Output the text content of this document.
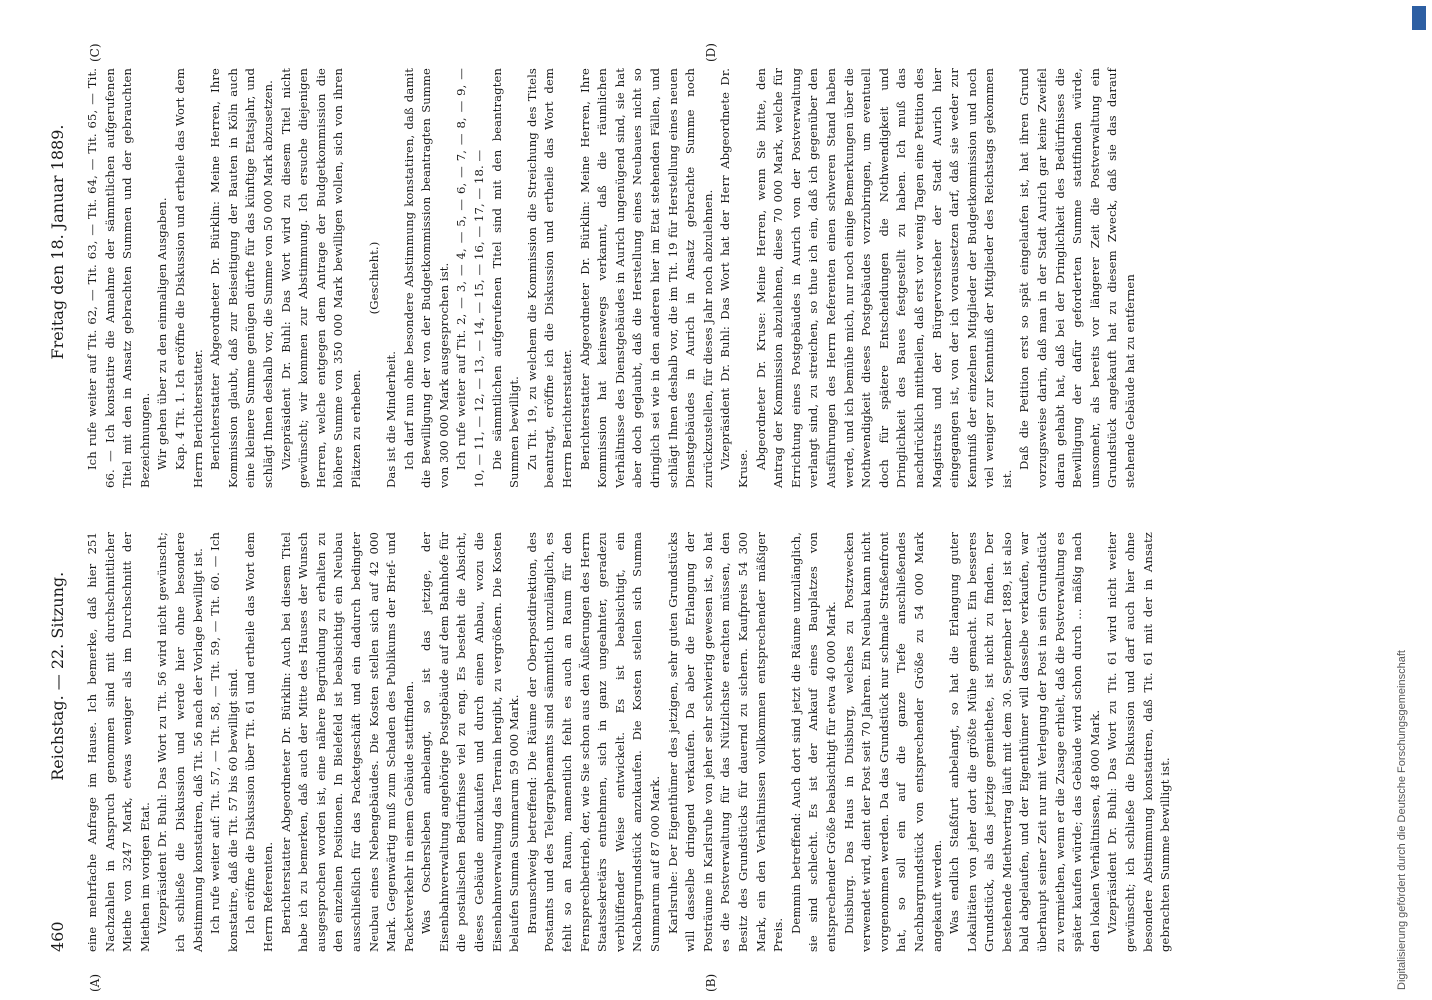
460
Reichstag. — 22. Sitzung.
Freitag den 18. Januar 1889.
(A)	(B)
(C)	(D)

eine mehrfache Anfrage im Hause. Ich bemerke, daß hier 251 Nachzahlen in Anspruch genommen sind mit durchschnittlicher Miethe von 3247 Mark, etwas weniger als im Durchschnitt der Miethen im vorigen Etat. Vizepräsident Dr. Buhl: Das Wort zu Tit. 56 wird nicht gewünscht; ich schließe die Diskussion und werde hier ohne besondere Abstimmung konstatiren, daß Tit. 56 nach der Vorlage bewilligt ist. Ich rufe weiter auf: Tit. 57, — Tit. 58, — Tit. 59, — Tit. 60. — Ich konstatire, daß die Tit. 57 bis 60 bewilligt sind. Ich eröffne die Diskussion über Tit. 61 und ertheile das Wort dem Herrn Referenten. Berichterstatter Abgeordneter Dr. Bürklin: Auch bei diesem Titel habe ich zu bemerken, daß auch der Mitte des Hauses der Wunsch ausgesprochen worden ist, eine nähere Begründung zu erhalten zu den einzelnen Positionen. In Bielefeld ist beabsichtigt ein Neubau ausschließlich für das Packetgeschäft und ein dadurch bedingter Neubau eines Nebengebäudes. Die Kosten stellen sich auf 42 000 Mark. Gegenwärtig muß zum Schaden des Publikums der Brief- und Packetverkehr in einem Gebäude stattfinden. Was Oschersleben anbelangt, so ist das jetzige, der Eisenbahnverwaltung angehörige Postgebäude auf dem Bahnhofe für die postalischen Bedürfnisse viel zu eng. Es besteht die Absicht, dieses Gebäude anzukaufen und durch einen Anbau, wozu die Eisenbahnverwaltung das Terrain hergibt, zu vergrößern. Die Kosten belaufen Summa Summarum 59 000 Mark. Braunschweig betreffend: Die Räume der Oberpostdirektion, des Postamts und des Telegraphenamts sind sämmtlich unzulänglich, es fehlt so an Raum, namentlich fehlt es auch an Raum für den Fernsprechbetrieb, der, wie Sie schon aus den Äußerungen des Herrn Staatssekretärs entnehmen, sich in ganz ungeahnter, geradezu verblüffender Weise entwickelt. Es ist beabsichtigt, ein Nachbargrundstück anzukaufen. Die Kosten stellen sich Summa Summarum auf 87 000 Mark. Karlsruhe: Der Eigenthümer des jetzigen, sehr guten Grundstücks will dasselbe dringend verkaufen. Da aber die Erlangung der Posträume in Karlsruhe von jeher sehr schwierig gewesen ist, so hat es die Postverwaltung für das Nützlichste erachten müssen, den Besitz des Grundstücks für dauernd zu sichern. Kaufpreis 54 300 Mark, ein den Verhältnissen vollkommen entsprechender mäßiger Preis.

Demmin betreffend: Auch dort sind jetzt die Räume unzulänglich, sie sind schlecht. Es ist der Ankauf eines Bauplatzes von entsprechender Größe beabsichtigt für etwa 40 000 Mark. Duisburg. Das Haus in Duisburg, welches zu Postzwecken verwendet wird, dient der Post seit 70 Jahren. Ein Neubau kann nicht vorgenommen werden. Da das Grundstück nur schmale Straßenfront hat, so soll ein auf die ganze Tiefe anschließendes Nachbargrundstück von entsprechender Größe zu 54 000 Mark angekauft werden. Was endlich Staßfurt anbelangt, so hat die Erlangung guter Lokalitäten von jeher dort die größte Mühe gemacht. Ein besseres Grundstück, als das jetzige gemiethete, ist nicht zu finden. Der bestehende Miethvertrag läuft mit dem 30. September 1889, ist also bald abgelaufen, und der Eigenthümer will dasselbe verkaufen, war überhaupt seiner Zeit nur mit Verlegung der Post in sein Grundstück zu vermiethen, wenn er die Zusage erhielt, daß die Postverwaltung es später kaufen würde; das Gebäude wird schon durch ... mäßig nach den lokalen Verhältnissen, 48 000 Mark. Vizepräsident Dr. Buhl: Das Wort zu Tit. 61 wird nicht weiter gewünscht; ich schließe die Diskussion und darf auch hier ohne besondere Abstimmung konstatiren, daß Tit. 61 mit der in Ansatz gebrachten Summe bewilligt ist.

Ich rufe weiter auf Tit. 62, — Tit. 63, — Tit. 64, — Tit. 65, — Tit. 66. — Ich konstatire die Annahme der sämmtlichen aufgerufenen Titel mit den in Ansatz gebrachten Summen und der gebrauchten Bezeichnungen. Wir gehen über zu den einmaligen Ausgaben. Kap. 4 Tit. 1. Ich eröffne die Diskussion und ertheile das Wort dem Herrn Berichterstatter. Berichterstatter Abgeordneter Dr. Bürklin: Meine Herren, Ihre Kommission glaubt, daß zur Beiseitigung der Bauten in Köln auch eine kleinere Summe genügen dürfte für das künftige Etatsjahr, und schlägt Ihnen deshalb vor, die Summe von 50 000 Mark abzusetzen. Vizepräsident Dr. Buhl: Das Wort wird zu diesem Titel nicht gewünscht; wir kommen zur Abstimmung. Ich ersuche diejenigen Herren, welche entgegen dem Antrage der Budgetkommission die höhere Summe von 350 000 Mark bewilligen wollen, sich von ihren Plätzen zu erheben.

(Geschieht.)

Das ist die Minderheit. Ich darf nun ohne besondere Abstimmung konstatiren, daß damit die Bewilligung der von der Budgetkommission beantragten Summe von 300 000 Mark ausgesprochen ist. Ich rufe weiter auf Tit. 2, — 3, — 4, — 5, — 6, — 7, — 8, — 9, — 10, — 11, — 12, — 13, — 14, — 15, — 16, — 17, — 18. — Die sämmtlichen aufgerufenen Titel sind mit den beantragten Summen bewilligt. Zu Tit. 19, zu welchem die Kommission die Streichung des Titels beantragt, eröffne ich die Diskussion und ertheile das Wort dem Herrn Berichterstatter. Berichterstatter Abgeordneter Dr. Bürklin: Meine Herren, Ihre Kommission hat keineswegs verkannt, daß die räumlichen Verhältnisse des Dienstgebäudes in Aurich ungenügend sind, sie hat aber doch geglaubt, daß die Herstellung eines Neubaues nicht so dringlich sei wie in den anderen hier im Etat stehenden Fällen, und schlägt Ihnen deshalb vor, die im Tit. 19 für Herstellung eines neuen Dienstgebäudes in Aurich in Ansatz gebrachte Summe noch zurückzustellen, für dieses Jahr noch abzulehnen. Vizepräsident Dr. Buhl: Das Wort hat der Herr Abgeordnete Dr. Kruse. Abgeordneter Dr. Kruse: Meine Herren, wenn Sie bitte, den Antrag der Kommission abzulehnen, diese 70 000 Mark, welche für Errichtung eines Postgebäudes in Aurich von der Postverwaltung verlangt sind, zu streichen, so thue ich ein, daß ich gegenüber den Ausführungen des Herrn Referenten einen schweren Stand haben werde, und ich bemühe mich, nur noch einige Bemerkungen über die Nothwendigkeit dieses Postgebäudes vorzubringen, um eventuell doch für spätere Entscheidungen die Nothwendigkeit und Dringlichkeit des Baues festgestellt zu haben. Ich muß das nachdrücklich mittheilen, daß erst vor wenig Tagen eine Petition des Magistrats und der Bürgervorsteher der Stadt Aurich hier eingegangen ist, von der ich voraussetzen darf, daß sie weder zur Kenntniß der einzelnen Mitglieder der Budgetkommission und noch viel weniger zur Kenntniß der Mitglieder des Reichstags gekommen ist.

Daß die Petition erst so spät eingelaufen ist, hat ihren Grund vorzugsweise darin, daß man in der Stadt Aurich gar keine Zweifel daran gehabt hat, daß bei der Dringlichkeit des Bedürfnisses die Bewilligung der dafür geforderten Summe stattfinden würde, umsomehr, als bereits vor längerer Zeit die Postverwaltung ein Grundstück angekauft hat zu diesem Zweck, daß sie das darauf stehende Gebäude hat zu entfernen

Digitalisierung gefördert durch die Deutsche Forschungsgemeinschaft
